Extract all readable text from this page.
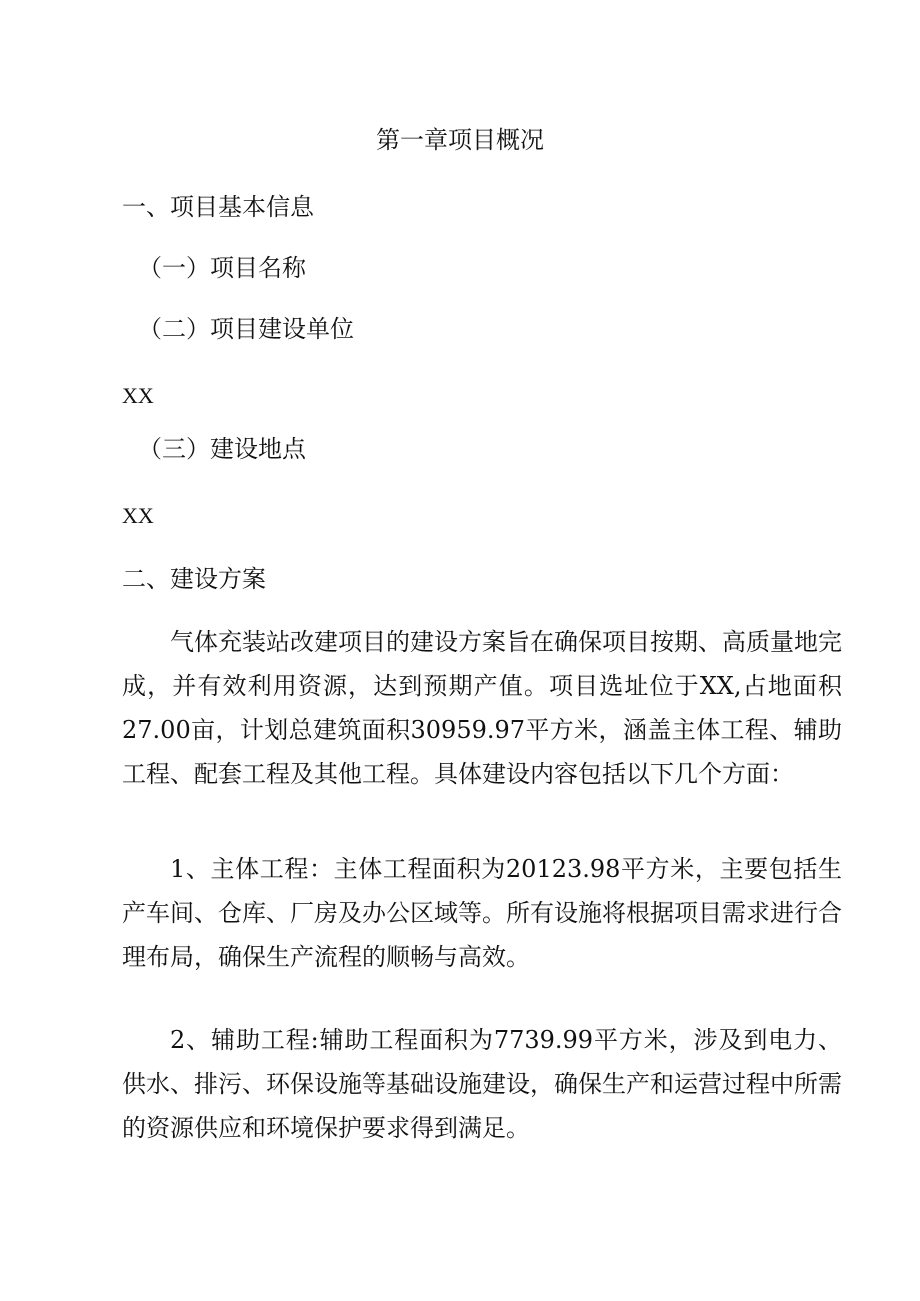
第一章项目概况
一、项目基本信息
（一）项目名称
（二）项目建设单位
XX
（三）建设地点
XX
二、建设方案

气体充装站改建项目的建设方案旨在确保项目按期、高质量地完成，并有效利用资源，达到预期产值。项目选址位于XX,占地面积27.00亩，计划总建筑面积30959.97平方米，涵盖主体工程、辅助工程、配套工程及其他工程。具体建设内容包括以下几个方面：

1、主体工程：主体工程面积为20123.98平方米，主要包括生产车间、仓库、厂房及办公区域等。所有设施将根据项目需求进行合理布局，确保生产流程的顺畅与高效。

2、辅助工程:辅助工程面积为7739.99平方米，涉及到电力、供水、排污、环保设施等基础设施建设，确保生产和运营过程中所需的资源供应和环境保护要求得到满足。
